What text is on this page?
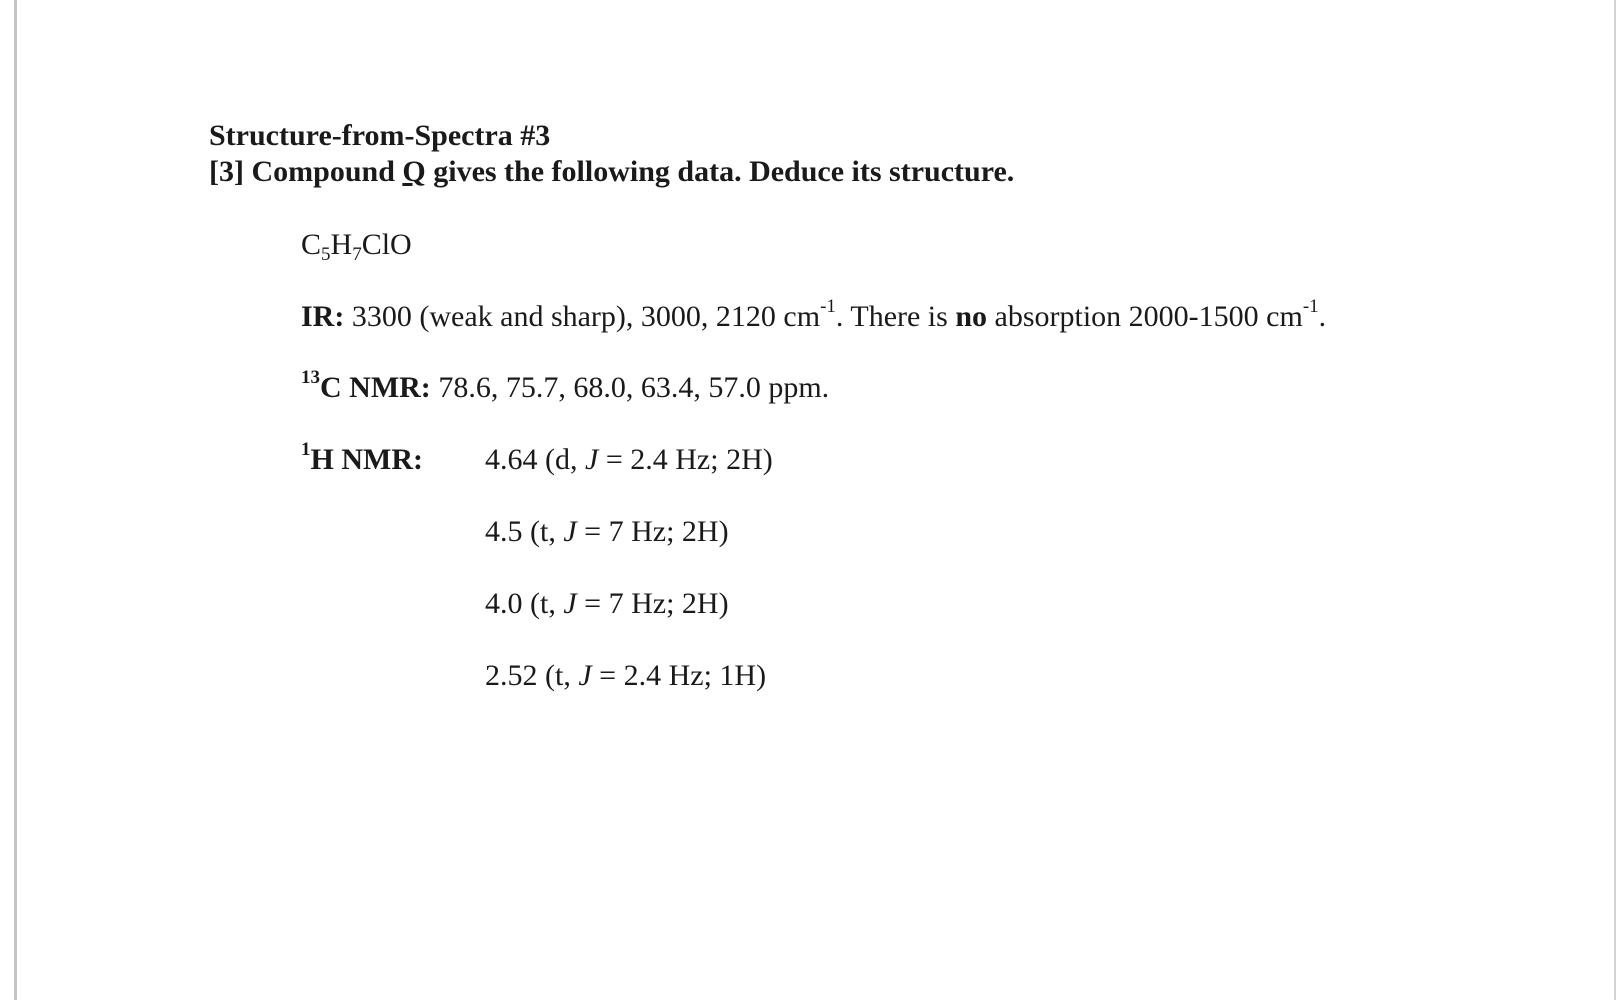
Structure-from-Spectra #3
[3] Compound Q gives the following data. Deduce its structure.
$C_5H_7ClO$
IR: 3300 (weak and sharp), 3000, 2120 $cm^{-1}$. There is no absorption 2000-1500 $cm^{-1}$.
$^{13}$C NMR: 78.6, 75.7, 68.0, 63.4, 57.0 ppm.
$^1$H NMR: 4.64 (d, J = 2.4 Hz; 2H)
4.5 (t, J = 7 Hz; 2H)
4.0 (t, J = 7 Hz; 2H)
2.52 (t, J = 2.4 Hz; 1H)
